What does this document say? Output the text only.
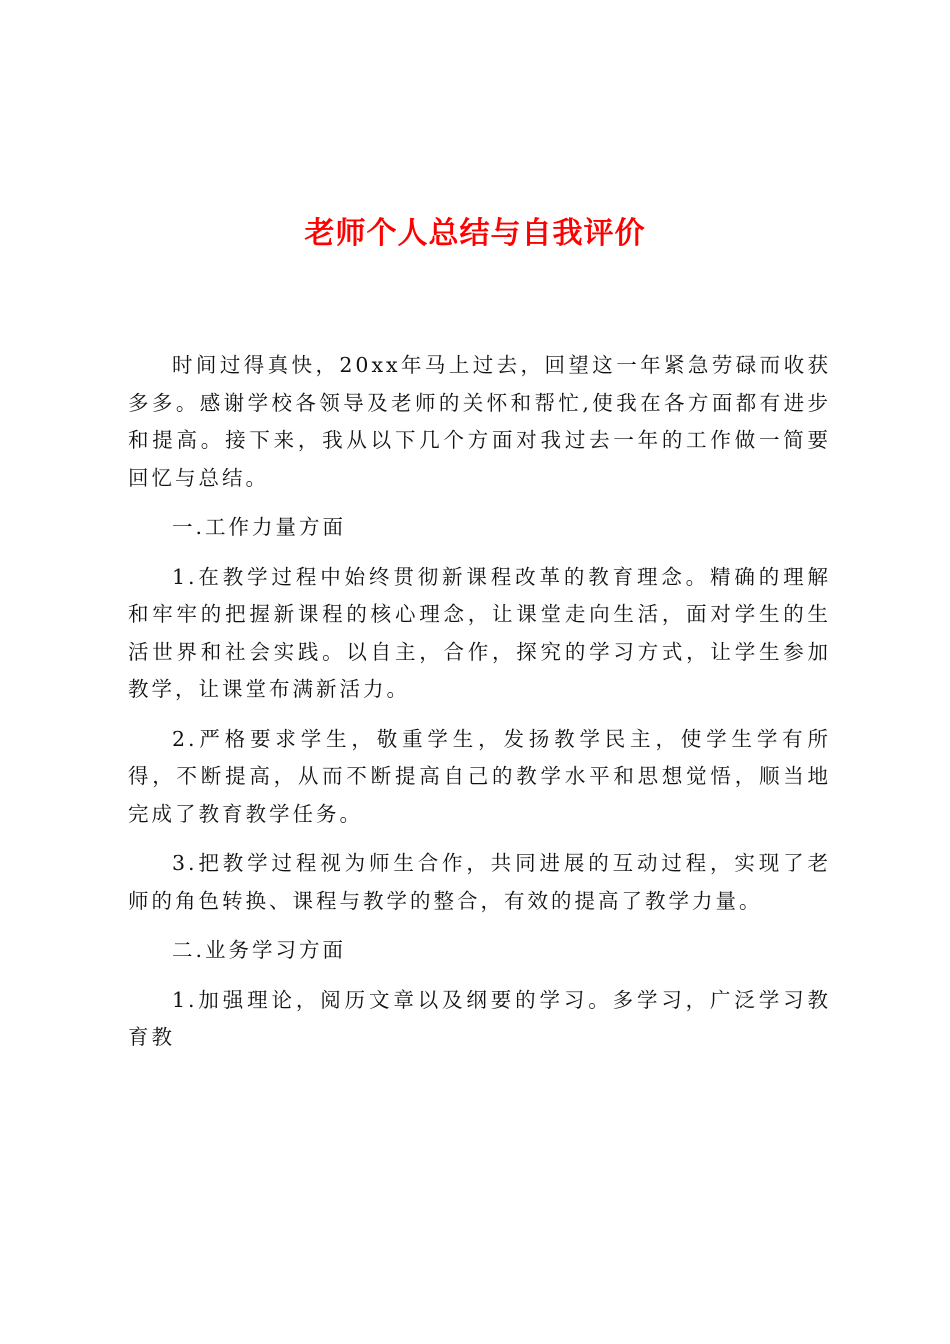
老师个人总结与自我评价

时间过得真快，20xx年马上过去，回望这一年紧急劳碌而收获多多。感谢学校各领导及老师的关怀和帮忙,使我在各方面都有进步和提高。接下来，我从以下几个方面对我过去一年的工作做一简要回忆与总结。

一.工作力量方面

1.在教学过程中始终贯彻新课程改革的教育理念。精确的理解和牢牢的把握新课程的核心理念，让课堂走向生活，面对学生的生活世界和社会实践。以自主，合作，探究的学习方式，让学生参加教学，让课堂布满新活力。

2.严格要求学生，敬重学生，发扬教学民主，使学生学有所得，不断提高，从而不断提高自己的教学水平和思想觉悟，顺当地完成了教育教学任务。

3.把教学过程视为师生合作，共同进展的互动过程，实现了老师的角色转换、课程与教学的整合，有效的提高了教学力量。

二.业务学习方面

1.加强理论，阅历文章以及纲要的学习。多学习，广泛学习教育教
